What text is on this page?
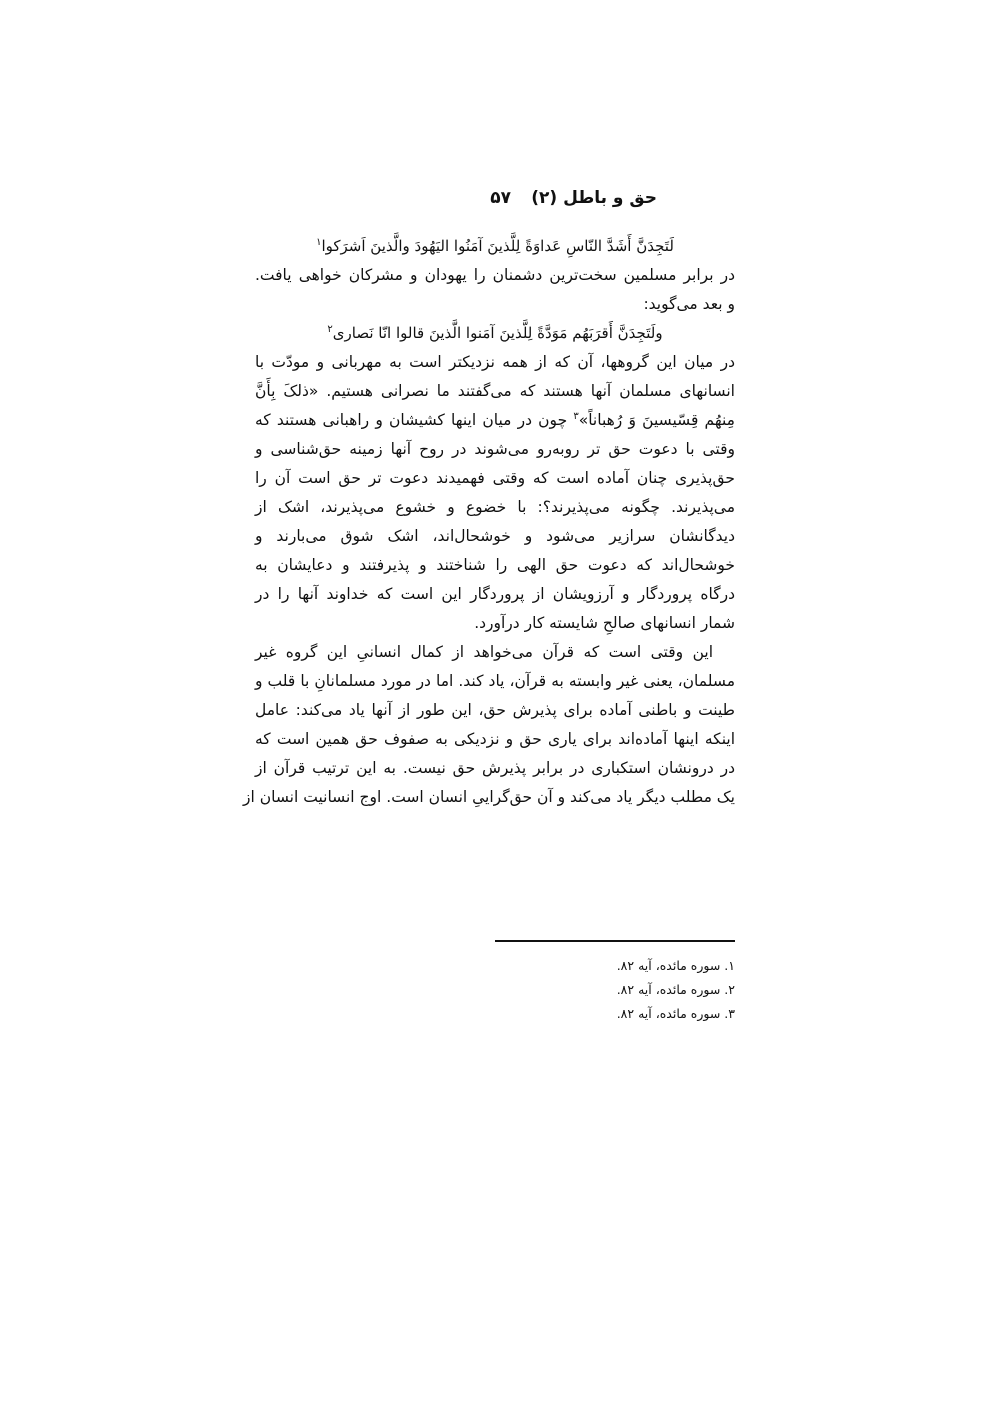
حق و باطل (۲)
۵۷
لَتَجِدَنَّ أَشَدَّ النّاسِ عَداوَةً لِلَّذينَ آمَنُوا اليَهُودَ والَّذينَ اَشرَکوا$^۱$
در برابر مسلمین سخت‌ترین دشمنان را یهودان و مشرکان خواهی یافت.
و بعد می‌گوید:
ولَتَجِدَنَّ أَقرَبَهُم مَوَدَّةً لِلَّذینَ آمَنوا الَّذینَ قالوا انّا نَصاری$^۲$
در میان این گروهها، آن که از همه نزدیکتر است به مهربانی و مودّت با
انسانهای مسلمان آنها هستند که می‌گفتند ما نصرانی هستیم. «ذلکَ بِأَنَّ
مِنهُم قِسّیسینَ وَ رُهباناً»$^۳$ چون در میان اینها کشیشان و راهبانی هستند که
وقتی با دعوت حق تر روبه‌رو می‌شوند در روح آنها زمینه حق‌شناسی و
حق‌پذیری چنان آماده است که وقتی فهمیدند دعوت تر حق است آن را
می‌پذیرند. چگونه می‌پذیرند؟: با خضوع و خشوع می‌پذیرند، اشک از
دیدگانشان سرازیر می‌شود و خوشحال‌اند، اشک شوق می‌بارند و
خوشحال‌اند که دعوت حق الهی را شناختند و پذیرفتند و دعایشان به
درگاه پروردگار و آرزویشان از پروردگار این است که خداوند آنها را در
شمار انسانهای صالحِ شایسته کار درآورد.
این وقتی است که قرآن می‌خواهد از کمال انسانیِ این گروه غیر
مسلمان، یعنی غیر وابسته به قرآن، یاد کند. اما در مورد مسلمانانِ با قلب و
طینت و باطنی آماده برای پذیرش حق، این طور از آنها یاد می‌کند: عامل
اینکه اینها آماده‌اند برای یاری حق و نزدیکی به صفوف حق همین است که
در درونشان استکباری در برابر پذیرش حق نیست. به این ترتیب قرآن از
یک مطلب دیگر یاد می‌کند و آن حق‌گراییِ انسان است. اوج انسانیت انسان از
۱. سوره مائده، آیه ۸۲.
۲. سوره مائده، آیه ۸۲.
۳. سوره مائده، آیه ۸۲.
